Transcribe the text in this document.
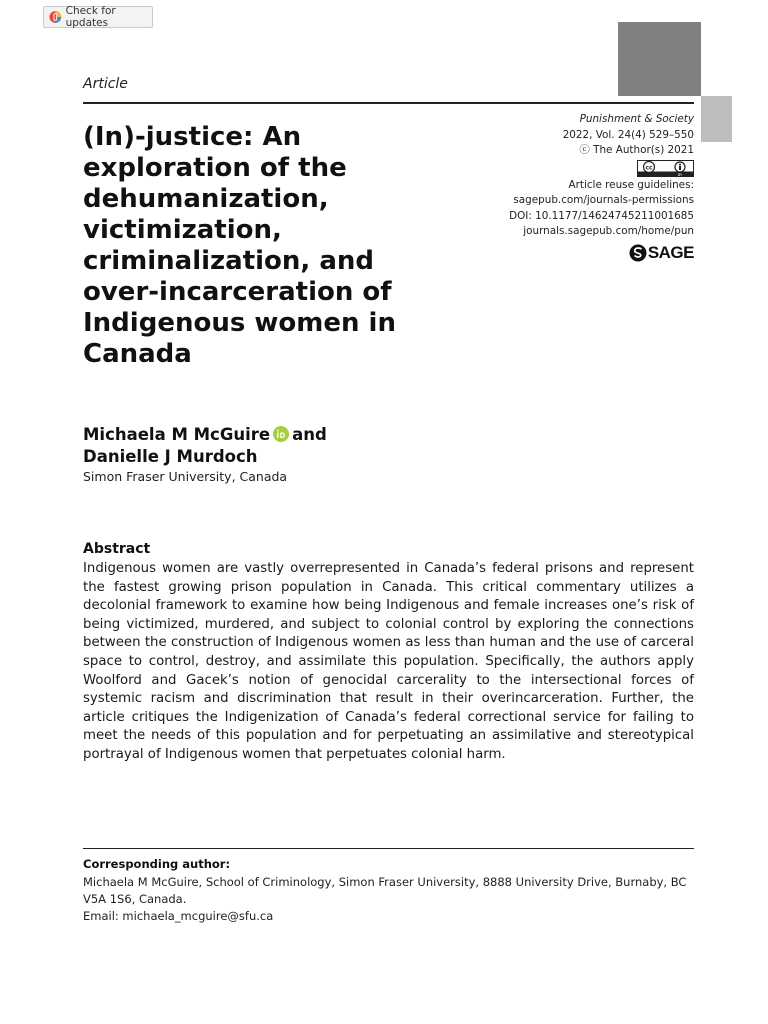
Check for updates
Article
(In)-justice: An exploration of the dehumanization, victimization, criminalization, and over-incarceration of Indigenous women in Canada
Punishment & Society
2022, Vol. 24(4) 529–550
ⓒ The Author(s) 2021
cc
BY
Article reuse guidelines:
sagepub.com/journals-permissions
DOI: 10.1177/14624745211001685
journals.sagepub.com/home/pun
SAGE
Michaela M McGuire and
Danielle J Murdoch
Simon Fraser University, Canada
Abstract

Indigenous women are vastly overrepresented in Canada’s federal prisons and represent the fastest growing prison population in Canada. This critical commentary utilizes a decolonial framework to examine how being Indigenous and female increases one’s risk of being victimized, murdered, and subject to colonial control by exploring the connections between the construction of Indigenous women as less than human and the use of carceral space to control, destroy, and assimilate this population. Specifically, the authors apply Woolford and Gacek’s notion of genocidal carcerality to the intersectional forces of systemic racism and discrimination that result in their overincarceration. Further, the article critiques the Indigenization of Canada’s federal correctional service for failing to meet the needs of this population and for perpetuating an assimilative and stereotypical portrayal of Indigenous women that perpetuates colonial harm.

Corresponding author:
Michaela M McGuire, School of Criminology, Simon Fraser University, 8888 University Drive, Burnaby, BC V5A 1S6, Canada.
Email: michaela_mcguire@sfu.ca
